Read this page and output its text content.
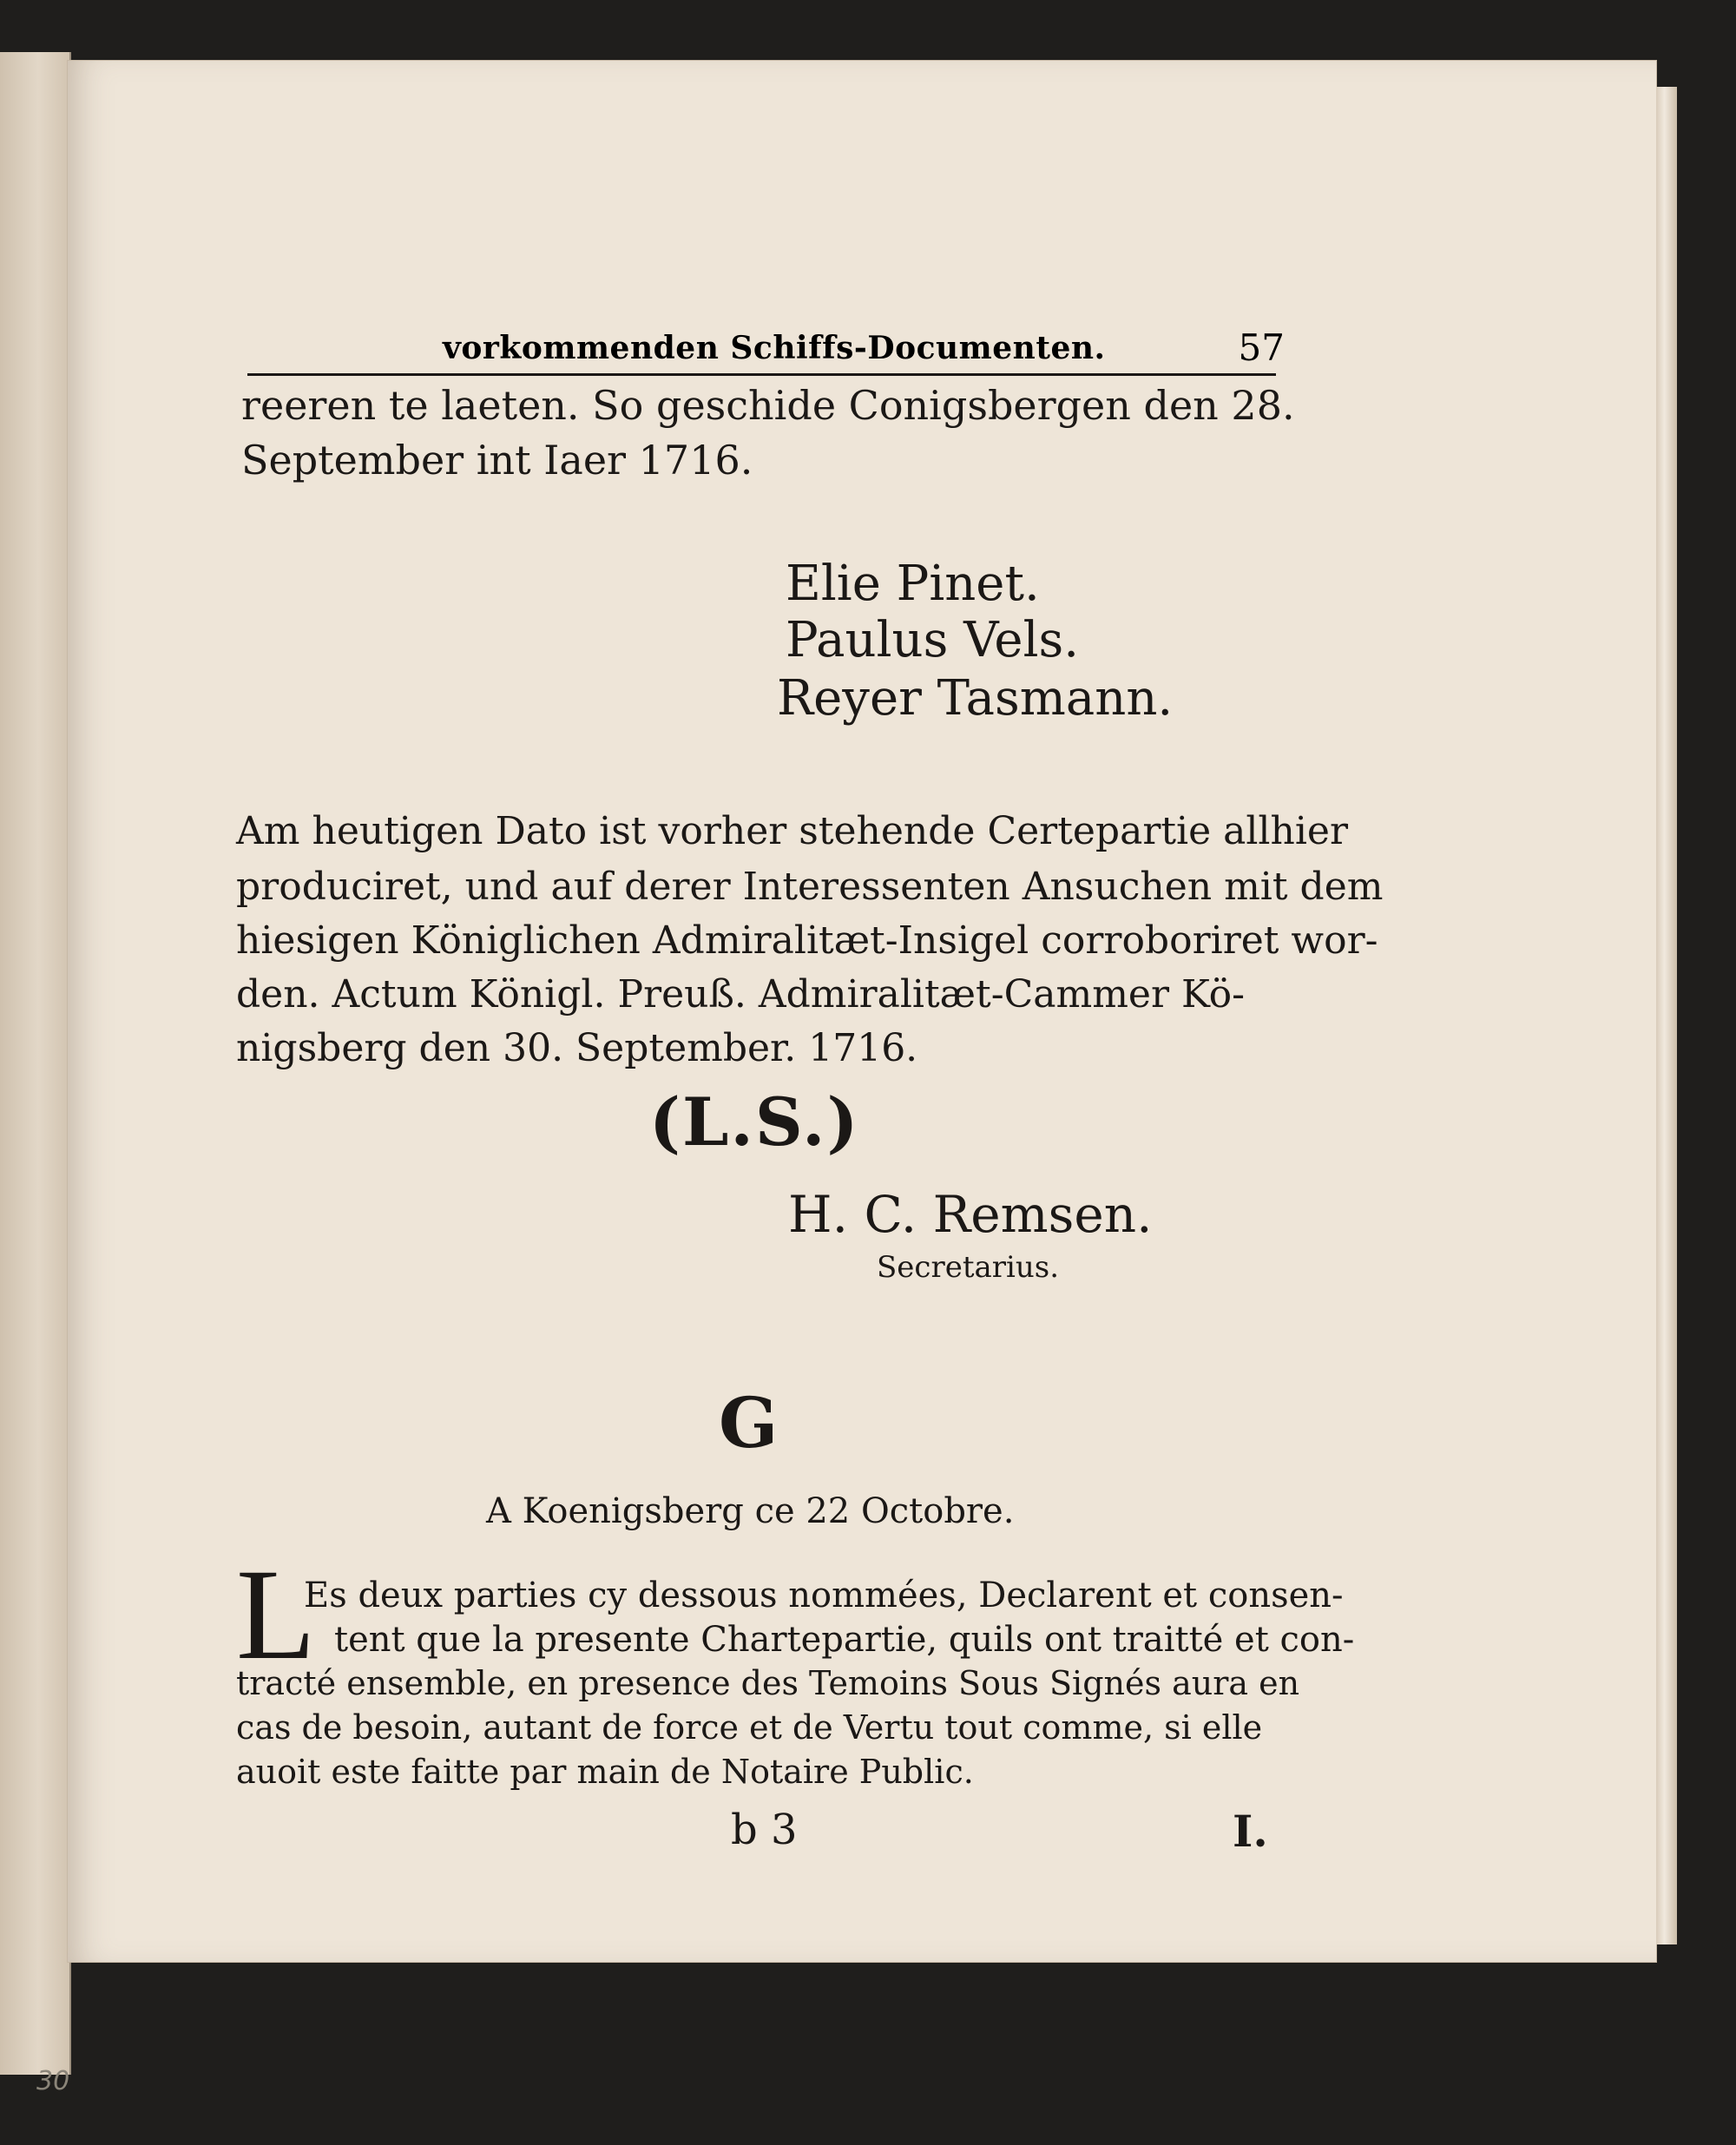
30
vorkommenden Schiffs-Documenten.	57
reeren te laeten. So geschide Conigsbergen den 28.
September int Iaer 1716.
Elie Pinet.
Paulus Vels.
Reyer Tasmann.
Am heutigen Dato ist vorher stehende Certepartie allhier
produciret, und auf derer Interessenten Ansuchen mit dem
hiesigen Königlichen Admiralitæt-Insigel corroboriret wor-
den. Actum Königl. Preuß. Admiralitæt-Cammer Kö-
nigsberg den 30. September. 1716.
(L.S.)
H. C. Remsen.
Secretarius.
G
A Koenigsberg ce 22 Octobre.
L
Es deux parties cy dessous nommées, Declarent et consen-
tent que la presente Chartepartie, quils ont traitté et con-
tracté ensemble, en presence des Temoins Sous Signés aura en
cas de besoin, autant de force et de Vertu tout comme, si elle
auoit este faitte par main de Notaire Public.
b 3	I.
